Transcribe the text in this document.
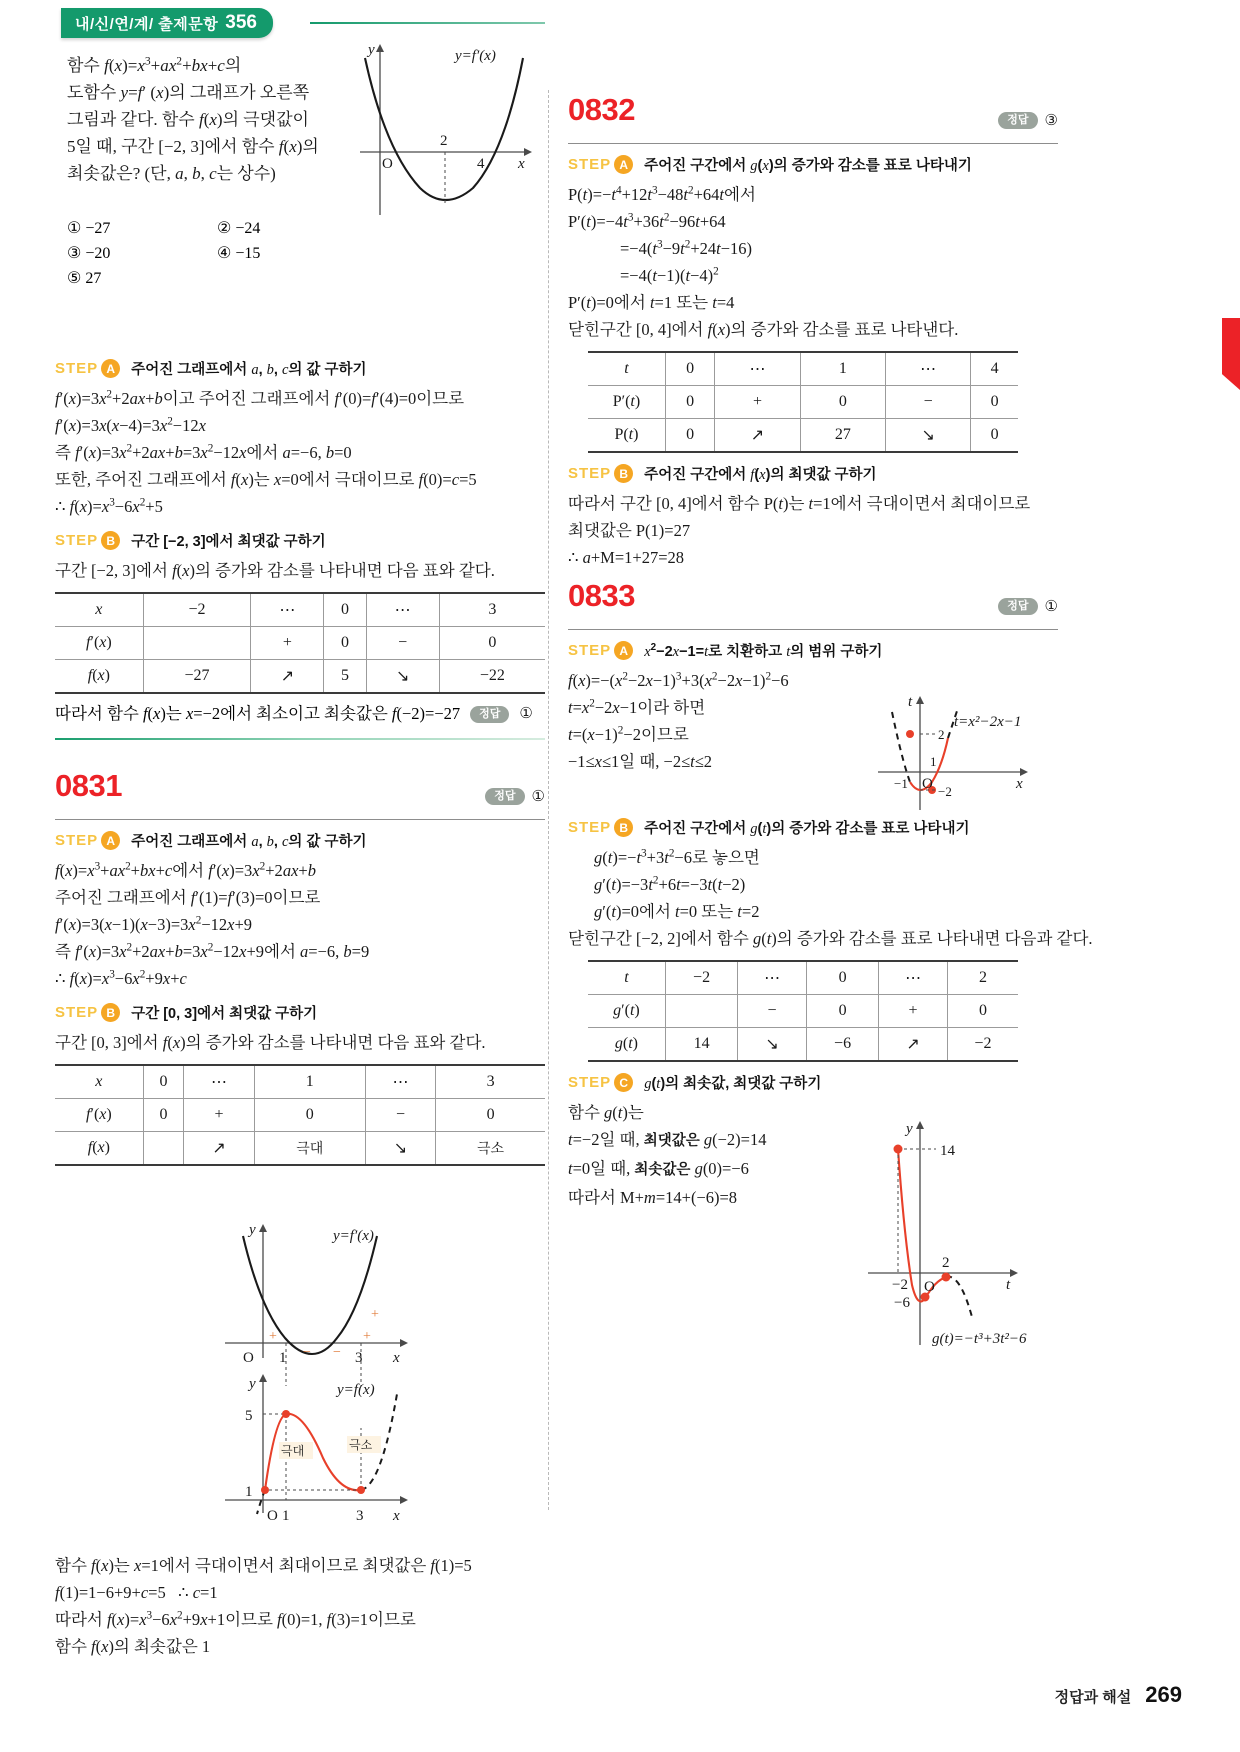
내/신/연/계/ 출제문항 356
함수 $f(x)=x^3+ax^2+bx+c$의
도함수 y=f′ (x)의 그래프가 오른쪽
그림과 같다. 함수 f(x)의 극댓값이
5일 때, 구간 [−2, 3]에서 함수 f(x)의
최솟값은? (단, a, b, c는 상수)
① −27	② −24
③ −20	④ −15
⑤ 27
y
x
O
2
4
y=f′(x)
STEP A	주어진 그래프에서 a, b, c의 값 구하기
$f'(x)=3x^2+2ax+b$이고 주어진 그래프에서 f′(0)=f′(4)=0이므로
$f'(x)=3x(x-4)=3x^2-12x$
즉 $f'(x)=3x^2+2ax+b=3x^2-12x$에서 a=−6, b=0
또한, 주어진 그래프에서 f(x)는 x=0에서 극대이므로 f(0)=c=5
∴ $f(x)=x^3-6x^2+5$
STEP B	구간 [−2, 3]에서 최댓값 구하기
구간 [−2, 3]에서 f(x)의 증가와 감소를 나타내면 다음 표와 같다.
x	−2	⋯	0	⋯	3
f′(x)		+	0	−	0
f(x)	−27	↗	5	↘	−22
따라서 함수 f(x)는 x=−2에서 최소이고 최솟값은 f(−2)=−27	정답	①
0831	정답	①
STEP A	주어진 그래프에서 a, b, c의 값 구하기
$f(x)=x^3+ax^2+bx+c$에서 $f'(x)=3x^2+2ax+b$
주어진 그래프에서 f′(1)=f′(3)=0이므로
$f'(x)=3(x-1)(x-3)=3x^2-12x+9$
즉 $f'(x)=3x^2+2ax+b=3x^2-12x+9$에서 a=−6, b=9
∴ $f(x)=x^3-6x^2+9x+c$
STEP B	구간 [0, 3]에서 최댓값 구하기
구간 [0, 3]에서 f(x)의 증가와 감소를 나타내면 다음 표와 같다.
x	0	⋯	1	⋯	3
f′(x)	0	+	0	−	0
f(x)		↗	극대	↘	극소
y
x
O 1	3
y=f′(x)
+
− −
+
+
y
x
O 1	3
5
1
y=f(x)
극대	극소
함수 f(x)는 x=1에서 극대이면서 최대이므로 최댓값은 f(1)=5
f(1)=1−6+9+c=5   ∴ c=1
따라서 $f(x)=x^3-6x^2+9x+1$이므로 f(0)=1, f(3)=1이므로
함수 f(x)의 최솟값은 1
0832	정답	③
STEP A	주어진 구간에서 g(x)의 증가와 감소를 표로 나타내기
$P(t)=-t^4+12t^3-48t^2+64t$에서
$P'(t)=-4t^3+36t^2-96t+64$
$=-4(t^3-9t^2+24t-16)$
$=-4(t-1)(t-4)^2$
P′(t)=0에서 t=1 또는 t=4
닫힌구간 [0, 4]에서 f(x)의 증가와 감소를 표로 나타낸다.
t	0	⋯	1	⋯	4
P′(t)	0	+	0	−	0
P(t)	0	↗	27	↘	0
STEP B	주어진 구간에서 f(x)의 최댓값 구하기
따라서 구간 [0, 4]에서 함수 P(t)는 t=1에서 극대이면서 최대이므로
최댓값은 P(1)=27
∴ a+M=1+27=28
0833	정답	①
STEP A	$x^2-2x-1=t$로 치환하고 t의 범위 구하기
$f(x)=-(x^2-2x-1)^3+3(x^2-2x-1)^2-6$
$t=x^2-2x-1$이라 하면
$t=(x-1)^2-2$이므로
−1≤x≤1일 때, −2≤t≤2
STEP B	주어진 구간에서 g(t)의 증가와 감소를 표로 나타내기
$g(t)=-t^3+3t^2-6$로 놓으면
$g'(t)=-3t^2+6t=-3t(t-2)$
g′(t)=0에서 t=0 또는 t=2
닫힌구간 [−2, 2]에서 함수 g(t)의 증가와 감소를 표로 나타내면 다음과 같다.
t	−2	⋯	0	⋯	2
g′(t)		−	0	+	0
g(t)	14	↘	−6	↗	−2
STEP C	g(t)의 최솟값, 최댓값 구하기
함수 g(t)는
t=−2일 때, 최댓값은 g(−2)=14
t=0일 때, 최솟값은 g(0)=−6
따라서 M+m=14+(−6)=8
t
x
O
2
−2
−1
1
t=x²−2x−1
y
t
O
14
−6
−2
2
g(t)=−t³+3t²−6
정답과 해설 269
